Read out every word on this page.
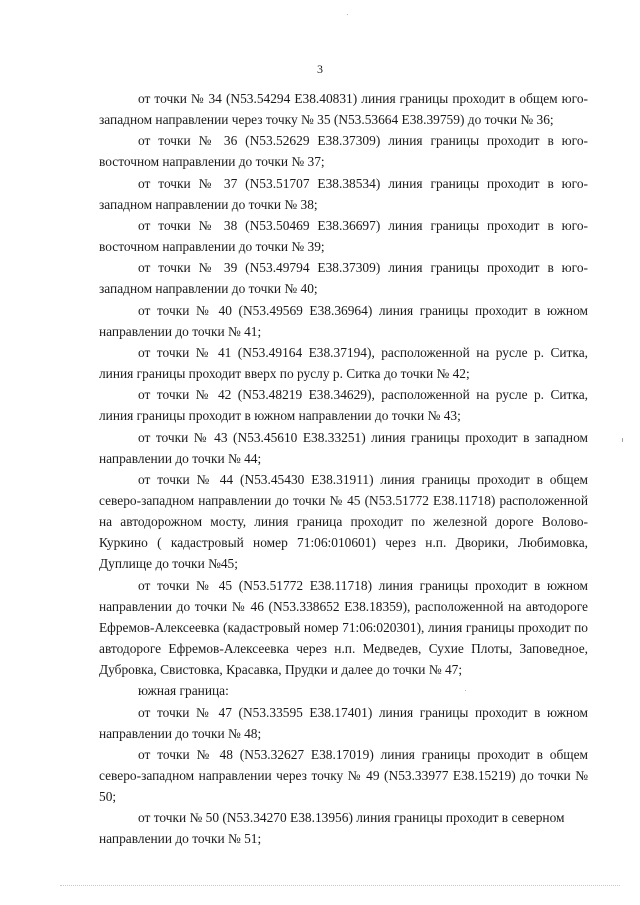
3

от точки № 34 (N53.54294 E38.40831) линия границы проходит в общем юго-западном направлении через точку № 35 (N53.53664 E38.39759) до точки № 36;

от точки № 36 (N53.52629 E38.37309) линия границы проходит в юго-восточном направлении до точки № 37;

от точки № 37 (N53.51707 E38.38534) линия границы проходит в юго-западном направлении до точки № 38;

от точки № 38 (N53.50469 E38.36697) линия границы проходит в юго-восточном направлении до точки № 39;

от точки № 39 (N53.49794 E38.37309) линия границы проходит в юго-западном направлении до точки № 40;

от точки № 40 (N53.49569 E38.36964) линия границы проходит в южном направлении до точки № 41;

от точки № 41 (N53.49164 E38.37194), расположенной на русле р. Ситка, линия границы проходит вверх по руслу р. Ситка до точки № 42;

от точки № 42 (N53.48219 E38.34629), расположенной на русле р. Ситка, линия границы проходит в южном направлении до точки № 43;

от точки № 43 (N53.45610 E38.33251) линия границы проходит в западном направлении до точки № 44;

от точки № 44 (N53.45430 E38.31911) линия границы проходит в общем северо-западном направлении до точки № 45 (N53.51772 E38.11718) расположенной на автодорожном мосту, линия граница проходит по железной дороге Волово-Куркино ( кадастровый номер 71:06:010601) через н.п. Дворики, Любимовка, Дуплище до точки №45;

от точки № 45 (N53.51772 E38.11718) линия границы проходит в южном направлении до точки № 46 (N53.338652 E38.18359), расположенной на автодороге Ефремов-Алексеевка (кадастровый номер 71:06:020301), линия границы проходит по автодороге Ефремов-Алексеевка через н.п. Медведев, Сухие Плоты, Заповедное, Дубровка, Свистовка, Красавка, Прудки и далее до точки № 47;

южная граница:

от точки № 47 (N53.33595 E38.17401) линия границы проходит в южном направлении до точки № 48;

от точки № 48 (N53.32627 E38.17019) линия границы проходит в общем северо-западном направлении через точку № 49 (N53.33977 E38.15219) до точки № 50;

от точки № 50 (N53.34270 E38.13956) линия границы проходит в северном направлении до точки № 51;
